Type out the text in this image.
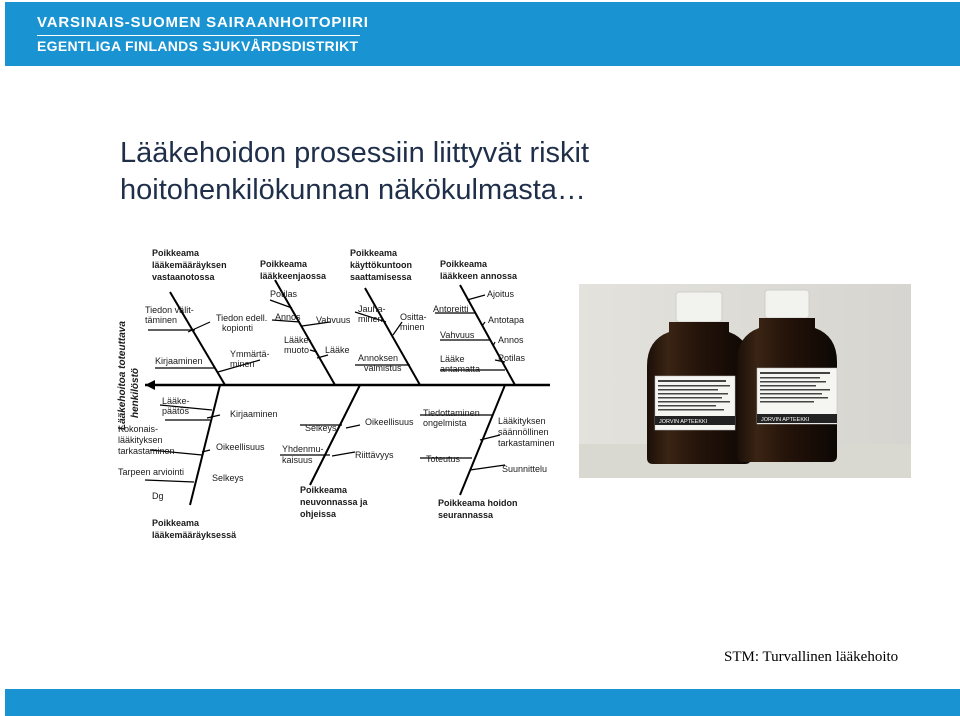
VARSINAIS-SUOMEN SAIRAANHOITOPIIRI
EGENTLIGA FINLANDS SJUKVÅRDSDISTRIKT
Lääkehoidon prosessiin liittyvät riskit
hoitohenkilökunnan näkökulmasta…
Lääkehoitoa toteuttava henkilöstö
Poikkeama lääkemääräyksen vastaanotossa
Poikkeama lääkkeenjaossa
Poikkeama käyttökuntoon saattamisessa
Poikkeama lääkkeen annossa
Poikkeama lääkemääräyksessä
Poikkeama neuvonnassa ja ohjeissa
Poikkeama hoidon seurannassa
Tiedon välit-täminen
Kirjaaminen
Tiedon edell. kopionti
Ymmärtä-minen
Potilas
Annos Vahvuus
Lääke-muoto Lääke
Jauha-minen	Ositta-minen
Annoksen valmistus
Antoreitti
Ajoitus
Vahvuus
Antotapa
Annos
Lääke antamatta
Potilas
Lääke-päätös
Kokonais-lääkityksen tarkastaminen
Tarpeen arviointi
Dg
Kirjaaminen
Oikeellisuus
Selkeys
Selkeys
Yhdenmu-kaisuus
Oikeellisuus
Riittävyys
Tiedottaminen ongelmista
Toteutus
Lääkityksen säännöllinen tarkastaminen
Suunnittelu
JORVIN APTEEKKI	JORVIN APTEEKKI
STM: Turvallinen lääkehoito
